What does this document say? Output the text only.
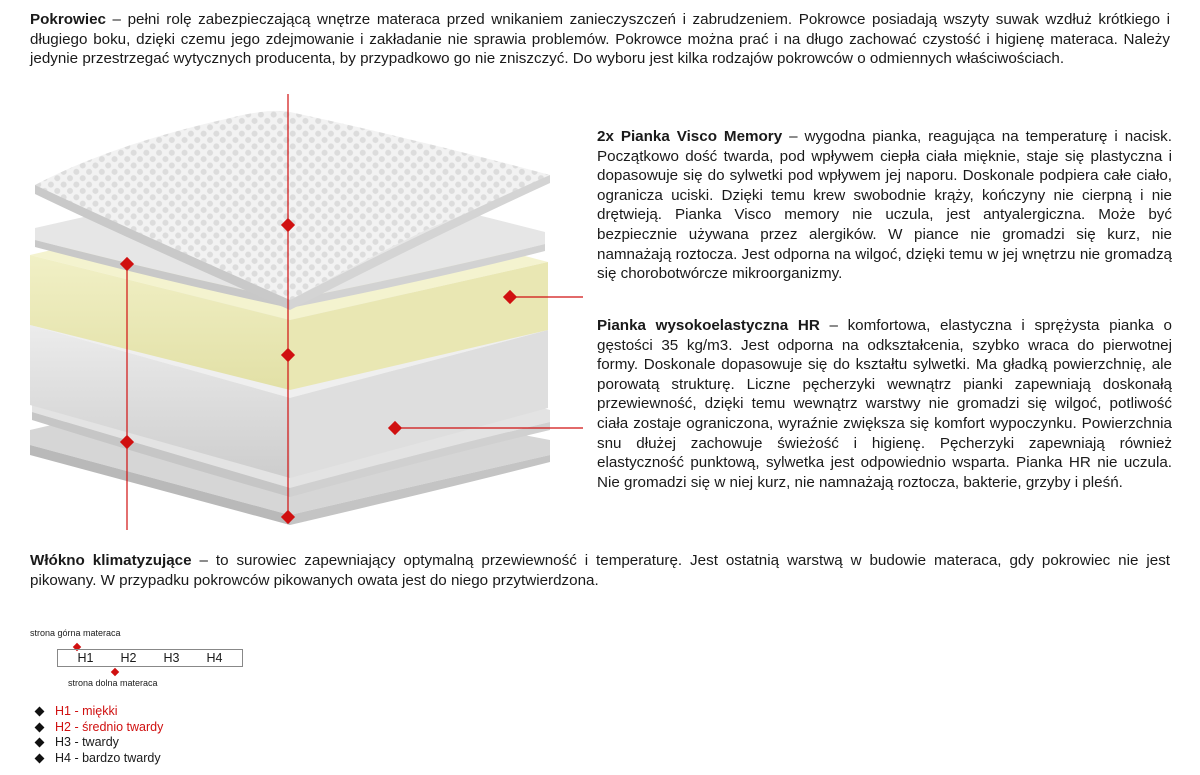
Pokrowiec – pełni rolę zabezpieczającą wnętrze materaca przed wnikaniem zanieczyszczeń i zabrudzeniem. Pokrowce posiadają wszyty suwak wzdłuż krótkiego i długiego boku, dzięki czemu jego zdejmowanie i zakładanie nie sprawia problemów. Pokrowce można prać i na długo zachować czystość i higienę materaca. Należy jedynie przestrzegać wytycznych producenta, by przypadkowo go nie zniszczyć. Do wyboru jest kilka rodzajów pokrowców o odmiennych właściwościach.

2x Pianka Visco Memory – wygodna pianka, reagująca na temperaturę i nacisk. Początkowo dość twarda, pod wpływem ciepła ciała mięknie, staje się plastyczna i dopasowuje się do sylwetki pod wpływem jej naporu. Doskonale podpiera całe ciało, ogranicza uciski. Dzięki temu krew swobodnie krąży, kończyny nie cierpną i nie drętwieją. Pianka Visco memory nie uczula, jest antyalergiczna. Może być bezpiecznie używana przez alergików. W piance nie gromadzi się kurz, nie namnażają roztocza. Jest odporna na wilgoć, dzięki temu w jej wnętrzu nie gromadzą się chorobotwórcze mikroorganizmy.

Pianka wysokoelastyczna HR – komfortowa, elastyczna i sprężysta pianka o gęstości 35 kg/m3. Jest odporna na odkształcenia, szybko wraca do pierwotnej formy. Doskonale dopasowuje się do kształtu sylwetki. Ma gładką powierzchnię, ale porowatą strukturę. Liczne pęcherzyki wewnątrz pianki zapewniają doskonałą przewiewność, dzięki temu wewnątrz warstwy nie gromadzi się wilgoć, potliwość ciała zostaje ograniczona, wyraźnie zwiększa się komfort wypoczynku. Powierzchnia snu dłużej zachowuje świeżość i higienę. Pęcherzyki zapewniają również elastyczność punktową, sylwetka jest odpowiednio wsparta. Pianka HR nie uczula. Nie gromadzi się w niej kurz, nie namnażają roztocza, bakterie, grzyby i pleśń.

Włókno klimatyzujące – to surowiec zapewniający optymalną przewiewność i temperaturę. Jest ostatnią warstwą w budowie materaca, gdy pokrowiec nie jest pikowany. W przypadku pokrowców pikowanych owata jest do niego przytwierdzona.

strona górna materaca
H1 H2 H3 H4
strona dolna materaca
H1 - miękki
H2 - średnio twardy
H3 - twardy
H4 - bardzo twardy
